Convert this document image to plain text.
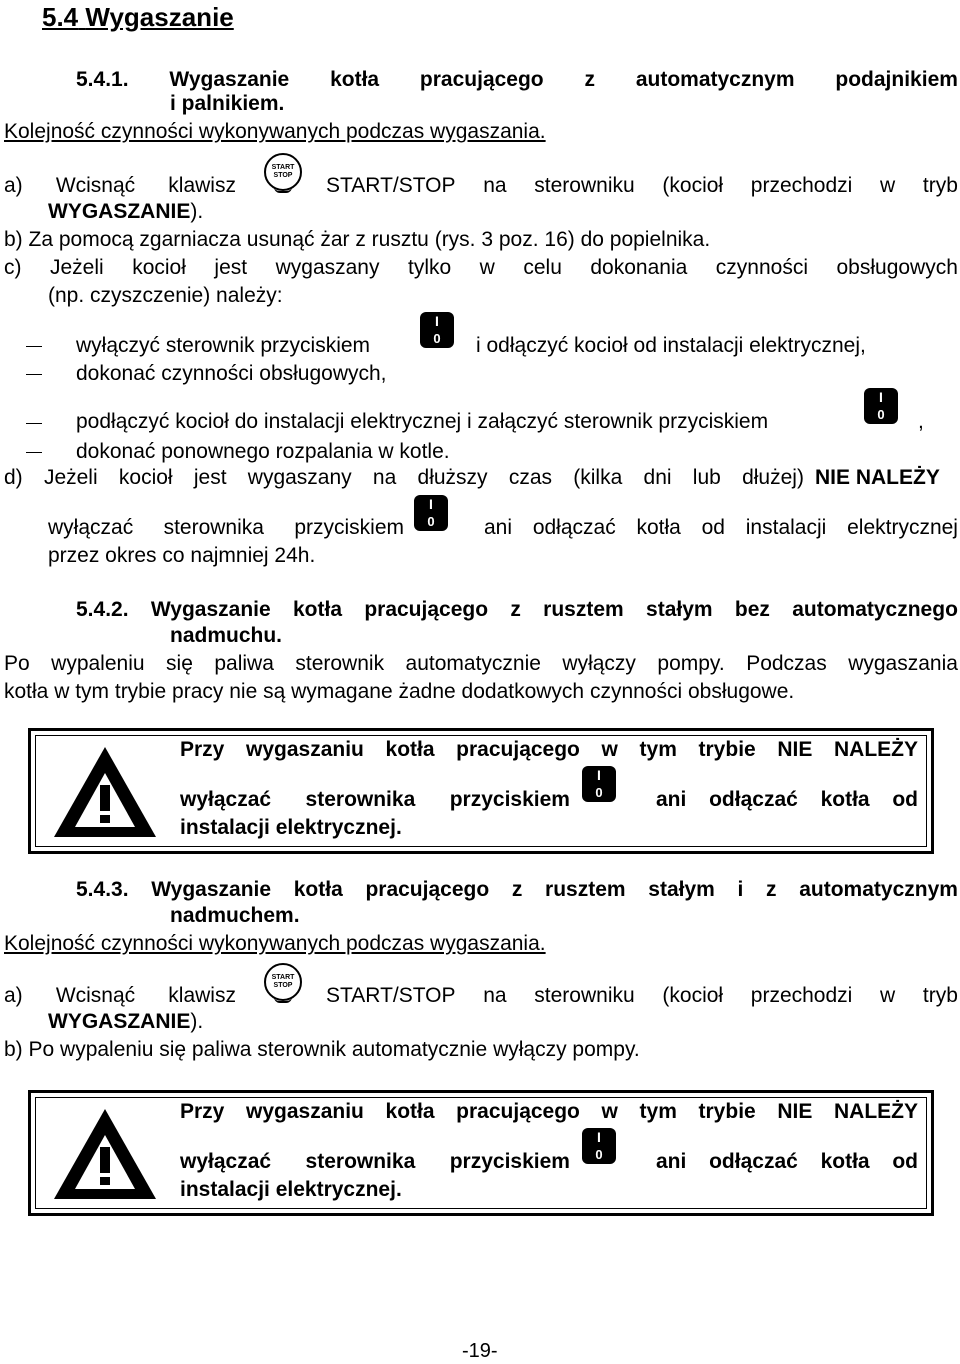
5.4 Wygaszanie
5.4.1. Wygaszanie kotła pracującego z automatycznym podajnikiem
i palnikiem.
Kolejność czynności wykonywanych podczas wygaszania.
a) Wcisnąć klawisz
START
STOP START/STOP na sterowniku (kocioł przechodzi w tryb
WYGASZANIE).
b) Za pomocą zgarniacza usunąć żar z rusztu (rys. 3 poz. 16) do popielnika.
c) Jeżeli kocioł jest wygaszany tylko w celu dokonania czynności obsługowych
(np. czyszczenie) należy:
wyłączyć sterownik przyciskiem
I
0 i odłączyć kocioł od instalacji elektrycznej,
dokonać czynności obsługowych,
podłączyć kocioł do instalacji elektrycznej i załączyć sterownik przyciskiem
I
0 ,
dokonać ponownego rozpalania w kotle.
d) Jeżeli kocioł jest wygaszany na dłuższy czas (kilka dni lub dłużej) NIE NALEŻY
wyłączać sterownika przyciskiem
I
0 ani odłączać kotła od instalacji elektrycznej
przez okres co najmniej 24h.
5.4.2. Wygaszanie kotła pracującego z rusztem stałym bez automatycznego
nadmuchu.
Po wypaleniu się paliwa sterownik automatycznie wyłączy pompy. Podczas wygaszania
kotła w tym trybie pracy nie są wymagane żadne dodatkowych czynności obsługowe.
Przy wygaszaniu kotła pracującego w tym trybie NIE NALEŻY
wyłączać sterownika przyciskiem
I
0	ani odłączać kotła od
instalacji elektrycznej.
5.4.3. Wygaszanie kotła pracującego z rusztem stałym i z automatycznym
nadmuchem.
Kolejność czynności wykonywanych podczas wygaszania.
a) Wcisnąć klawisz
START
STOP START/STOP na sterowniku (kocioł przechodzi w tryb
WYGASZANIE).
b) Po wypaleniu się paliwa sterownik automatycznie wyłączy pompy.
Przy wygaszaniu kotła pracującego w tym trybie NIE NALEŻY
wyłączać sterownika przyciskiem
I
0	ani odłączać kotła od
instalacji elektrycznej.
-19-
